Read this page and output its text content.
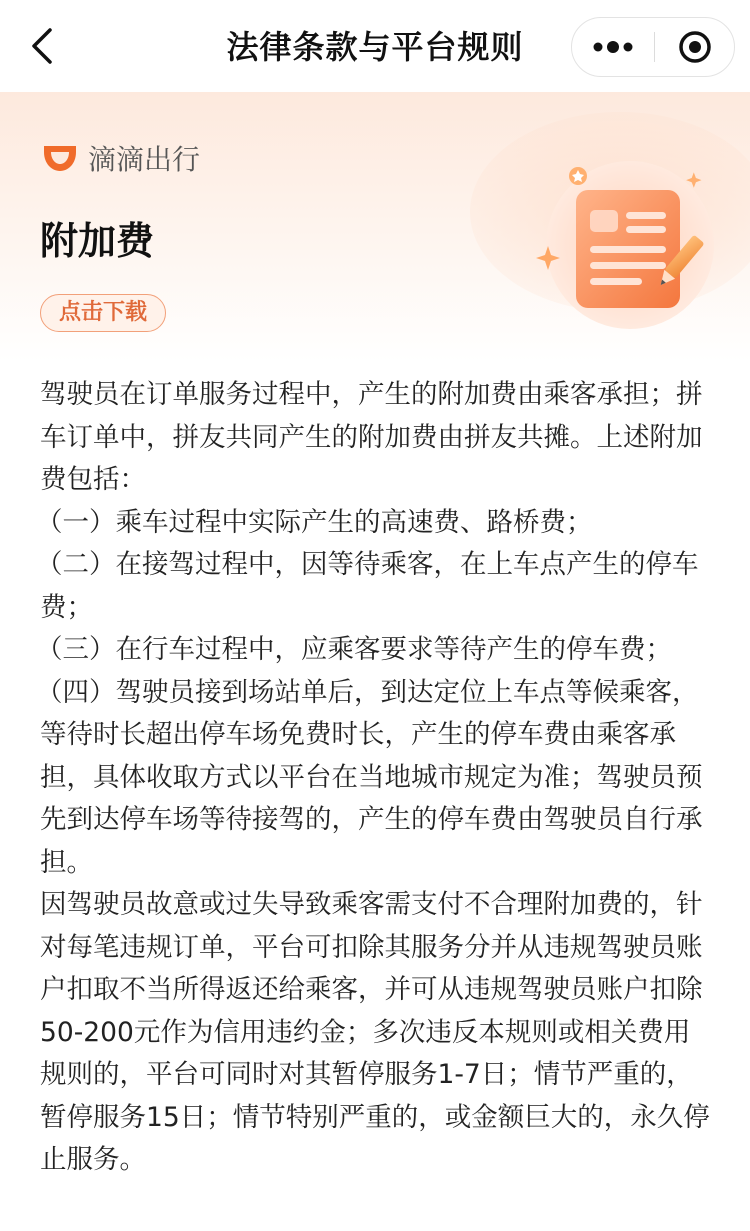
法律条款与平台规则
滴滴出行
附加费
点击下载

驾驶员在订单服务过程中，产生的附加费由乘客承担；拼车订单中，拼友共同产生的附加费由拼友共摊。上述附加费包括：

（一）乘车过程中实际产生的高速费、路桥费；

（二）在接驾过程中，因等待乘客，在上车点产生的停车费；

（三）在行车过程中，应乘客要求等待产生的停车费；

（四）驾驶员接到场站单后，到达定位上车点等候乘客，等待时长超出停车场免费时长，产生的停车费由乘客承担，具体收取方式以平台在当地城市规定为准；驾驶员预先到达停车场等待接驾的，产生的停车费由驾驶员自行承担。

因驾驶员故意或过失导致乘客需支付不合理附加费的，针对每笔违规订单，平台可扣除其服务分并从违规驾驶员账户扣取不当所得返还给乘客，并可从违规驾驶员账户扣除50-200元作为信用违约金；多次违反本规则或相关费用规则的，平台可同时对其暂停服务1-7日；情节严重的，暂停服务15日；情节特别严重的，或金额巨大的，永久停止服务。
